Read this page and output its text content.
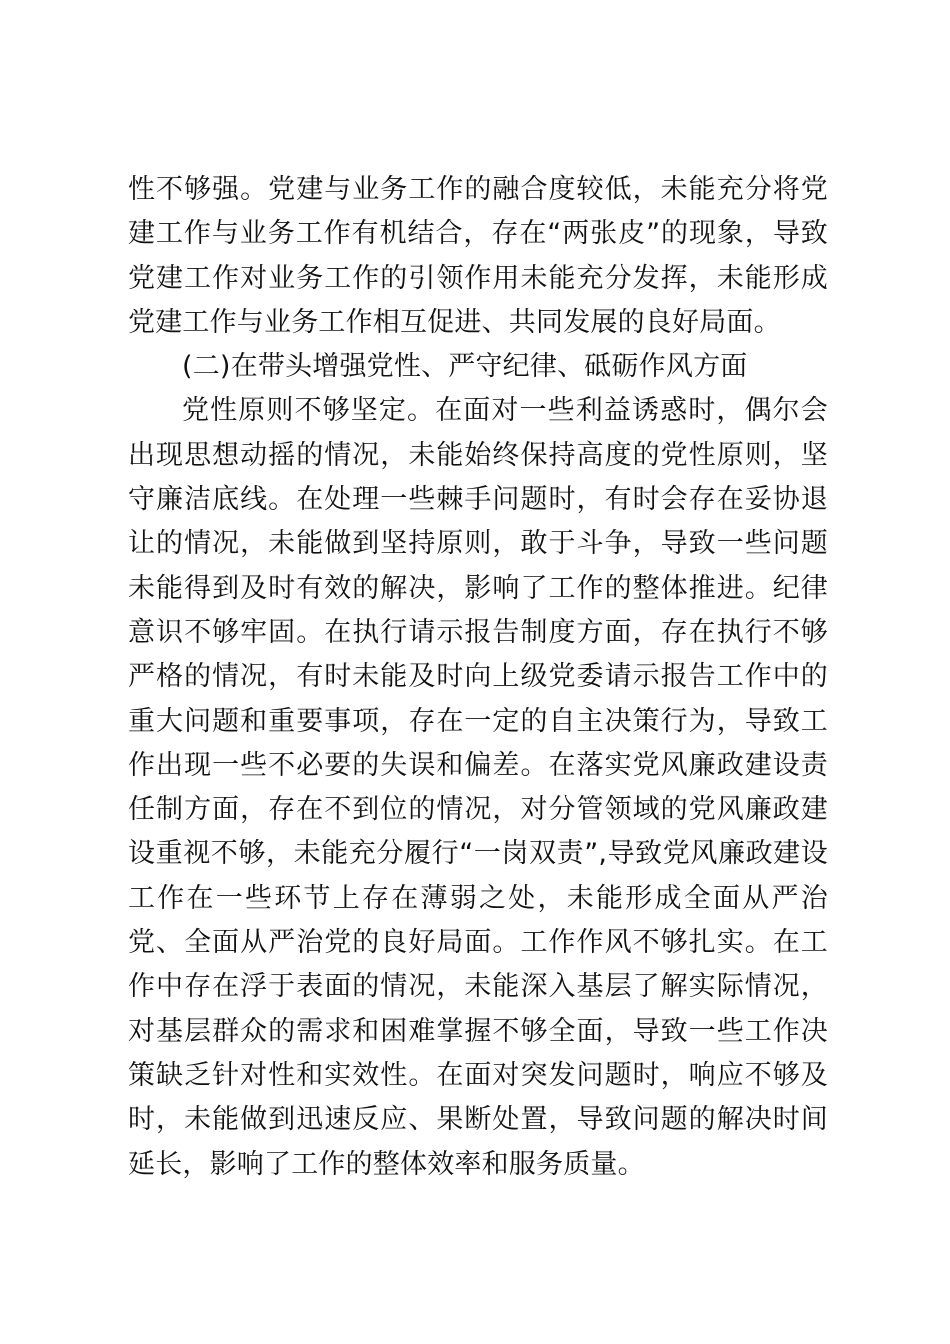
性不够强。党建与业务工作的融合度较低，未能充分将党建工作与业务工作有机结合，存在“两张皮”的现象，导致党建工作对业务工作的引领作用未能充分发挥，未能形成党建工作与业务工作相互促进、共同发展的良好局面。

(二)在带头增强党性、严守纪律、砥砺作风方面

党性原则不够坚定。在面对一些利益诱惑时，偶尔会出现思想动摇的情况，未能始终保持高度的党性原则，坚守廉洁底线。在处理一些棘手问题时，有时会存在妥协退让的情况，未能做到坚持原则，敢于斗争，导致一些问题未能得到及时有效的解决，影响了工作的整体推进。纪律意识不够牢固。在执行请示报告制度方面，存在执行不够严格的情况，有时未能及时向上级党委请示报告工作中的重大问题和重要事项，存在一定的自主决策行为，导致工作出现一些不必要的失误和偏差。在落实党风廉政建设责任制方面，存在不到位的情况，对分管领域的党风廉政建设重视不够，未能充分履行“一岗双责”,导致党风廉政建设工作在一些环节上存在薄弱之处，未能形成全面从严治党、全面从严治党的良好局面。工作作风不够扎实。在工作中存在浮于表面的情况，未能深入基层了解实际情况，对基层群众的需求和困难掌握不够全面，导致一些工作决策缺乏针对性和实效性。在面对突发问题时，响应不够及时，未能做到迅速反应、果断处置，导致问题的解决时间延长，影响了工作的整体效率和服务质量。
